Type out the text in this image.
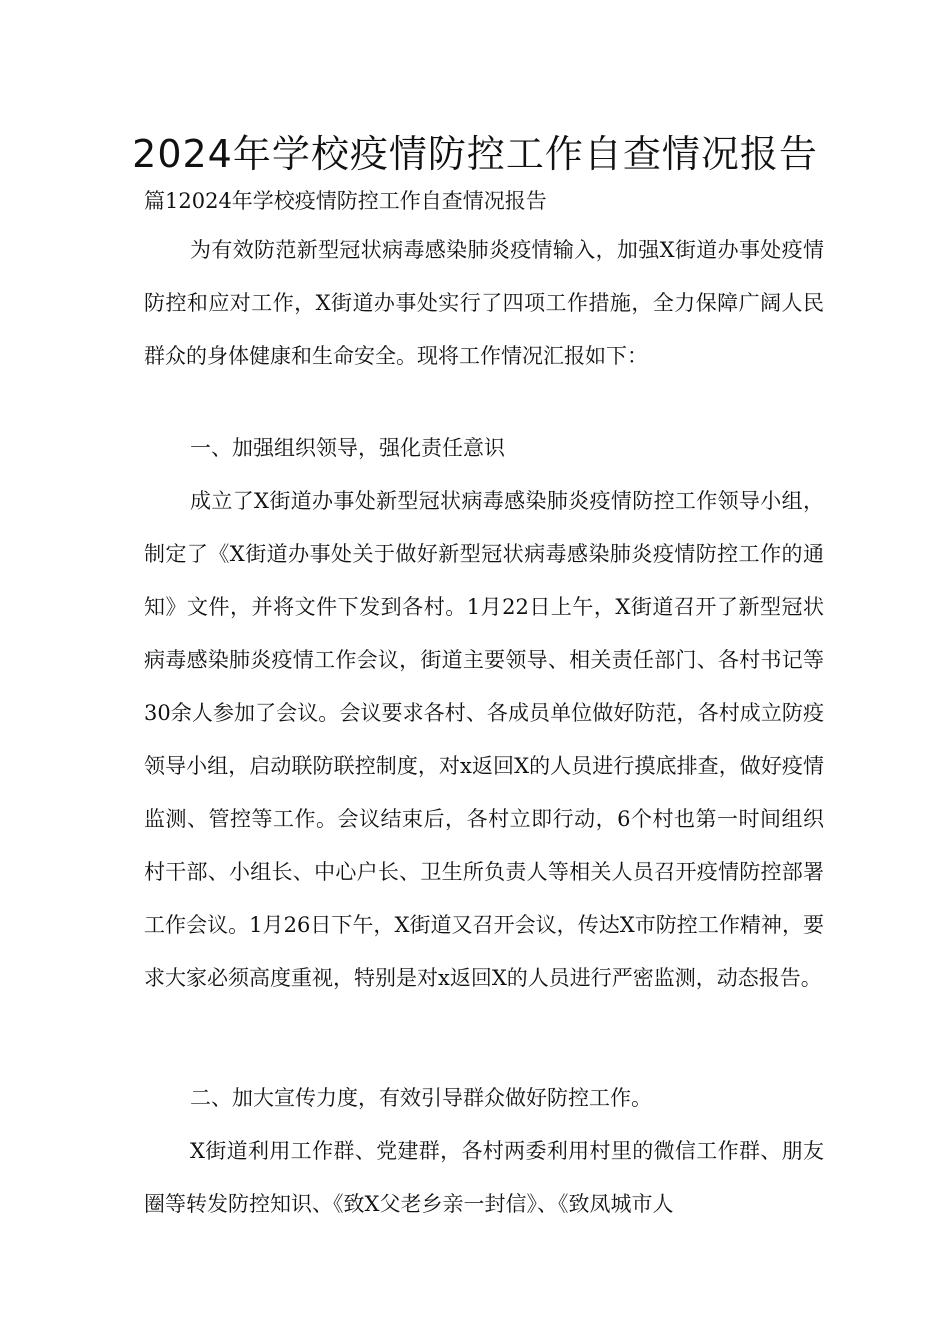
2024年学校疫情防控工作自查情况报告

篇12024年学校疫情防控工作自查情况报告

为有效防范新型冠状病毒感染肺炎疫情输入，加强X街道办事处疫情防控和应对工作，X街道办事处实行了四项工作措施，全力保障广阔人民群众的身体健康和生命安全。现将工作情况汇报如下：

一、加强组织领导，强化责任意识

成立了X街道办事处新型冠状病毒感染肺炎疫情防控工作领导小组，制定了《X街道办事处关于做好新型冠状病毒感染肺炎疫情防控工作的通知》文件，并将文件下发到各村。1月22日上午，X街道召开了新型冠状病毒感染肺炎疫情工作会议，街道主要领导、相关责任部门、各村书记等30余人参加了会议。会议要求各村、各成员单位做好防范，各村成立防疫领导小组，启动联防联控制度，对x返回X的人员进行摸底排查，做好疫情监测、管控等工作。会议结束后，各村立即行动，6个村也第一时间组织村干部、小组长、中心户长、卫生所负责人等相关人员召开疫情防控部署工作会议。1月26日下午，X街道又召开会议，传达X市防控工作精神，要求大家必须高度重视，特别是对x返回X的人员进行严密监测，动态报告。

二、加大宣传力度，有效引导群众做好防控工作。

X街道利用工作群、党建群，各村两委利用村里的微信工作群、朋友圈等转发防控知识、《致X父老乡亲一封信》、《致凤城市人
